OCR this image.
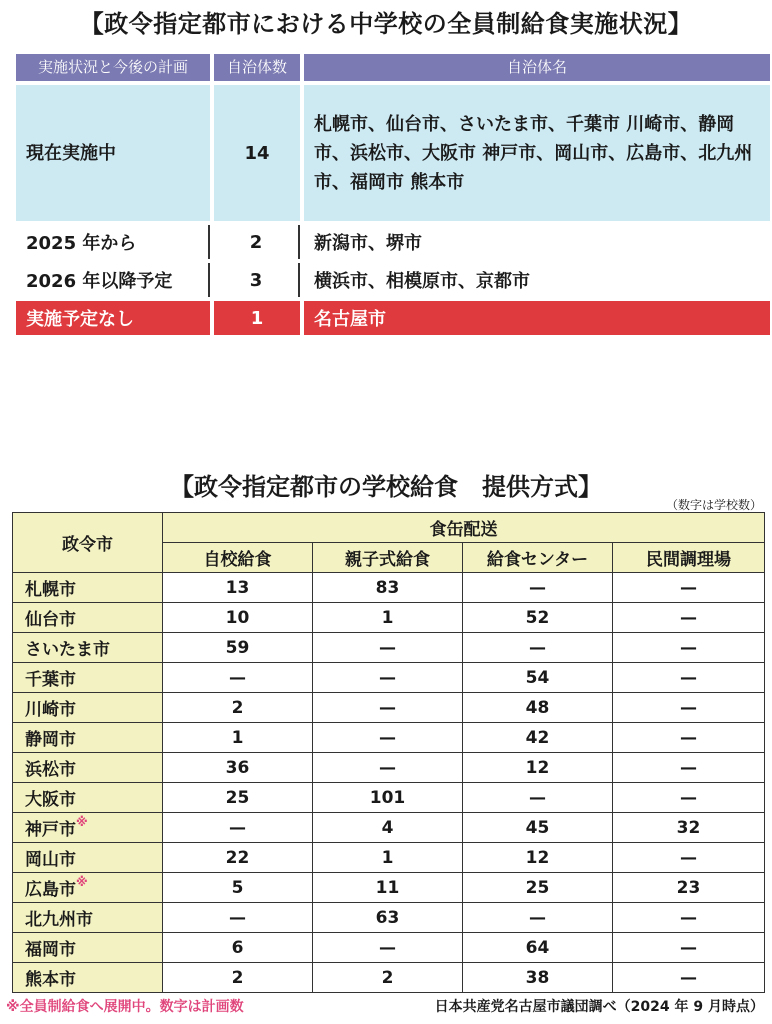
【政令指定都市における中学校の全員制給食実施状況】
実施状況と今後の計画	自治体数	自治体名
現在実施中	14	札幌市、仙台市、さいたま市、千葉市 川崎市、静岡市、浜松市、大阪市 神戸市、岡山市、広島市、北九州市、福岡市 熊本市
2025 年から	2	新潟市、堺市
2026 年以降予定	3	横浜市、相模原市、京都市
実施予定なし	1	名古屋市
【政令指定都市の学校給食　提供方式】
（数字は学校数）
政令市	食缶配送			
	自校給食	親子式給食	給食センター	民間調理場
札幌市	13	83	—	—
仙台市	10	1	52	—
さいたま市	59	—	—	—
千葉市	—	—	54	—
川崎市	2	—	48	—
静岡市	1	—	42	—
浜松市	36	—	12	—
大阪市	25	101	—	—
神戸市※	—	4	45	32
岡山市	22	1	12	—
広島市※	5	11	25	23
北九州市	—	63	—	—
福岡市	6	—	64	—
熊本市	2	2	38	—
※全員制給食へ展開中。数字は計画数	日本共産党名古屋市議団調べ（2024 年 9 月時点）
